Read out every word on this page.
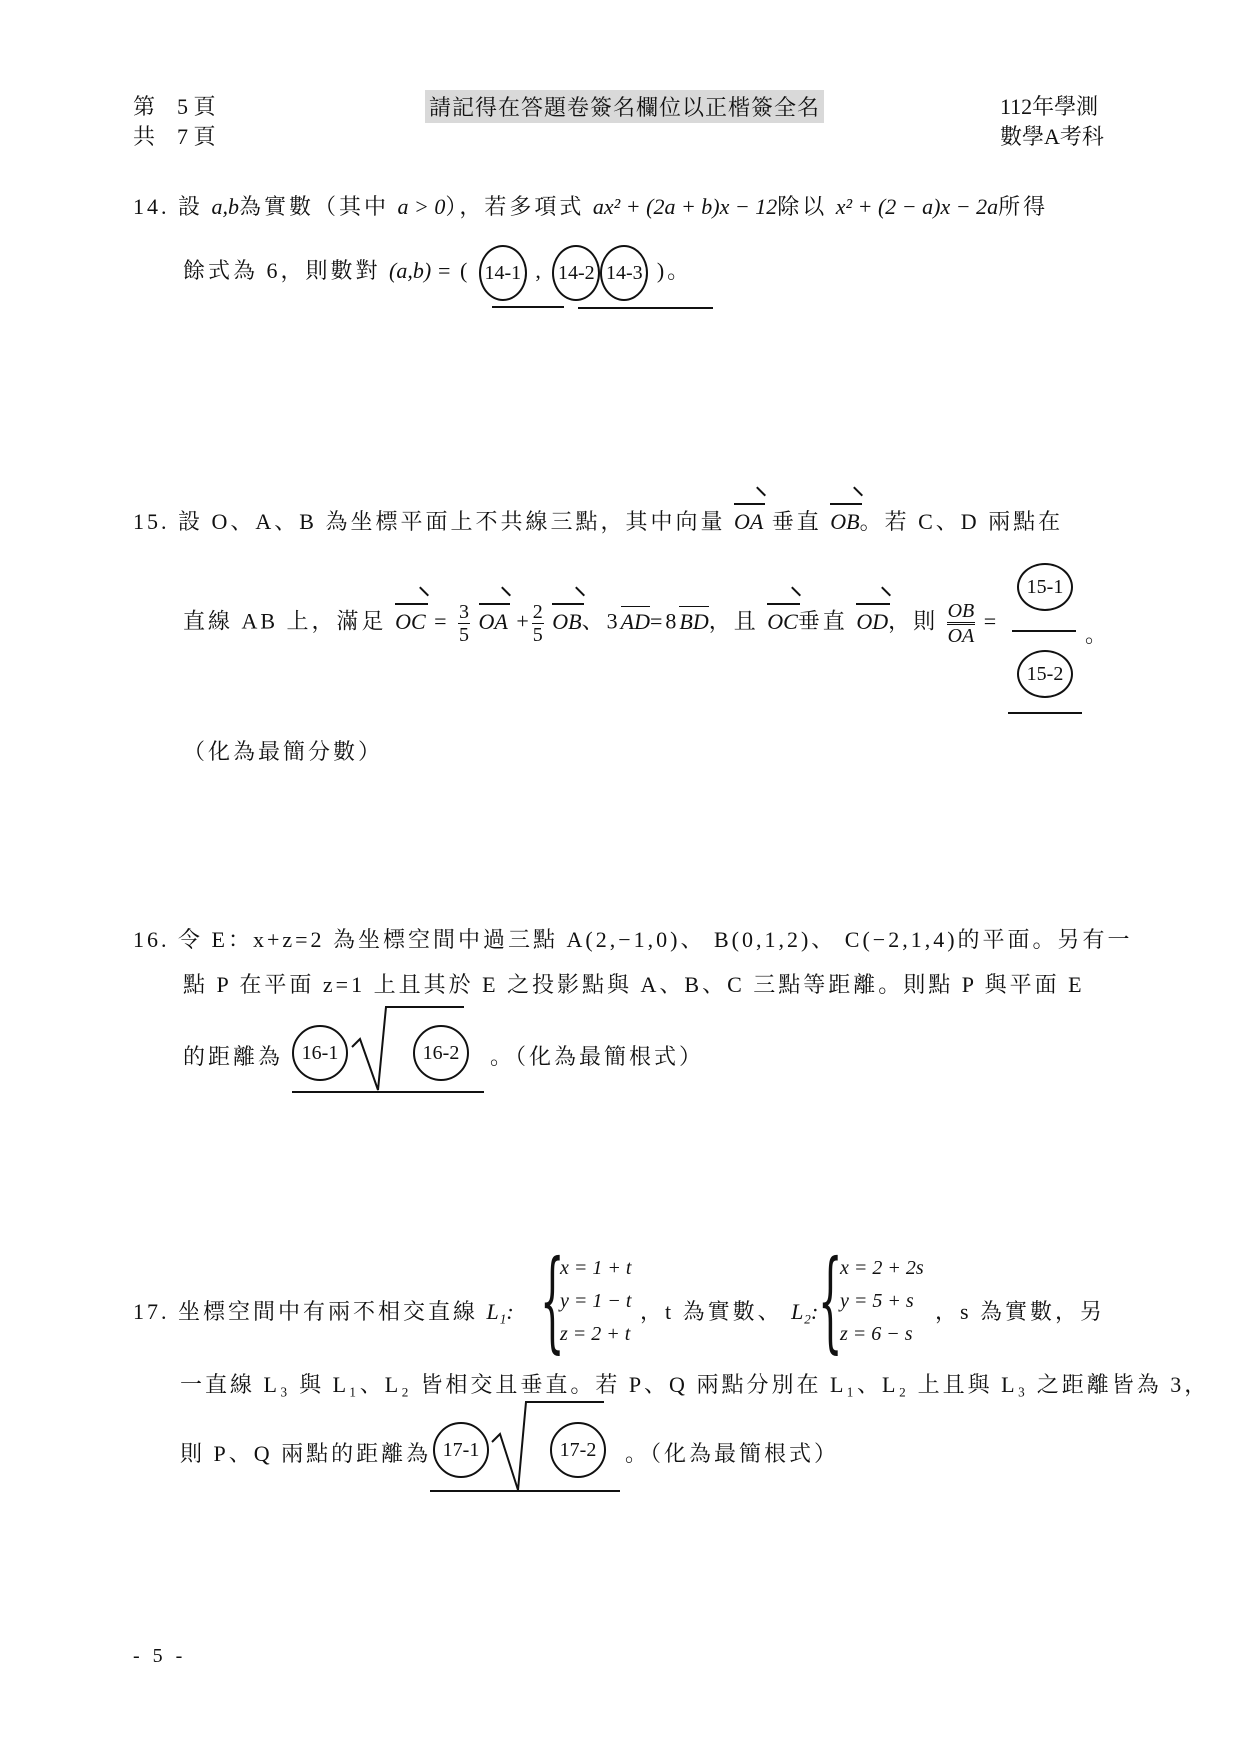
第　5 頁
共　7 頁
請記得在答題卷簽名欄位以正楷簽全名	112年學測
數學A考科
14. 設 a,b為實數（其中 a > 0），若多項式 ax² + (2a + b)x − 12除以 x² + (2 − a)x − 2a所得
餘式為 6，則數對 (a,b) = ( 14-1 , 14-2 14-3 )。
15. 設 O、A、B 為坐標平面上不共線三點，其中向量 OA 垂直 OB。若 C、D 兩點在
直線 AB 上，滿足 OC = $\frac{3}{5}$ OA + $\frac{2}{5}$ OB、3AD=8BD，且 OC垂直 OD，則 $\frac{OB}{OA}$ =
15-1
15-2
。
（化為最簡分數）
16. 令 E：x+z=2 為坐標空間中過三點 A(2,−1,0)、 B(0,1,2)、 C(−2,1,4)的平面。另有一
點 P 在平面 z=1 上且其於 E 之投影點與 A、B、C 三點等距離。則點 P 與平面 E
的距離為 16-1	16-2	。（化為最簡根式）
17. 坐標空間中有兩不相交直線 L₁: {
x = 1 + t
y = 1 − t
z = 2 + t
，t 為實數、 L₂: {
x = 2 + 2s
y = 5 + s
z = 6 − s
，s 為實數，另
一直線 L₃ 與 L₁、L₂ 皆相交且垂直。若 P、Q 兩點分別在 L₁、L₂ 上且與 L₃ 之距離皆為 3，
則 P、Q 兩點的距離為 17-1	17-2	。（化為最簡根式）
- 5 -
